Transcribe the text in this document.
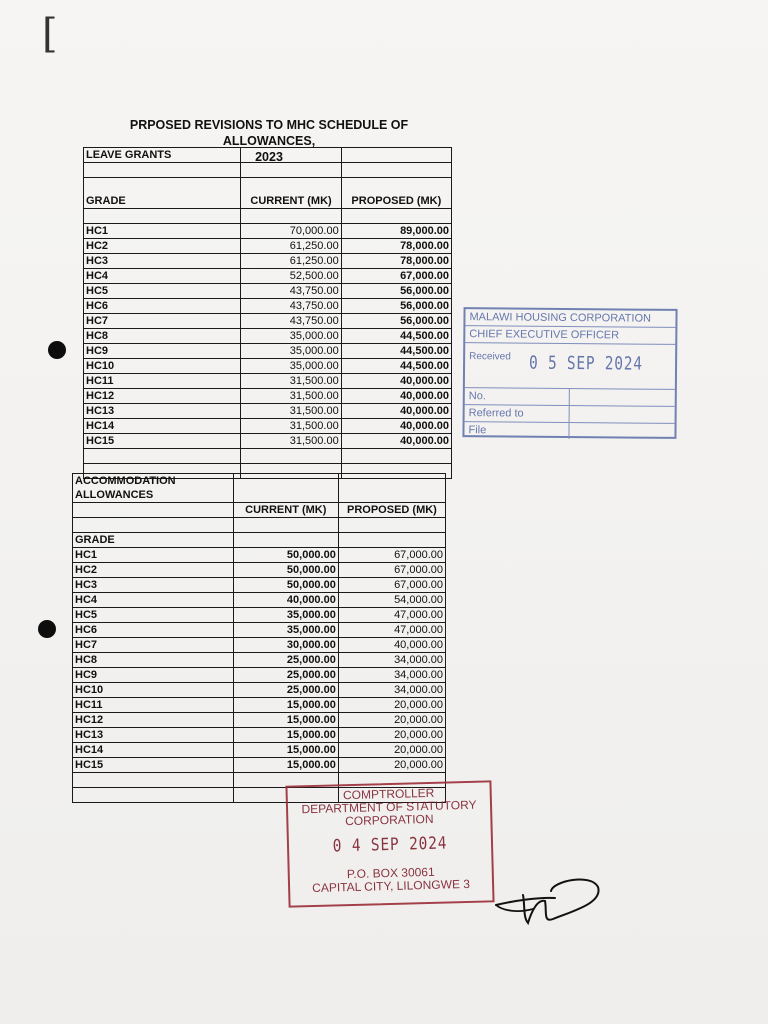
[
PRPOSED REVISIONS TO MHC SCHEDULE OF ALLOWANCES,
2023
LEAVE GRANTS		

GRADE	CURRENT (MK)	PROPOSED (MK)

HC1	70,000.00	89,000.00
HC2	61,250.00	78,000.00
HC3	61,250.00	78,000.00
HC4	52,500.00	67,000.00
HC5	43,750.00	56,000.00
HC6	43,750.00	56,000.00
HC7	43,750.00	56,000.00
HC8	35,000.00	44,500.00
HC9	35,000.00	44,500.00
HC10	35,000.00	44,500.00
HC11	31,500.00	40,000.00
HC12	31,500.00	40,000.00
HC13	31,500.00	40,000.00
HC14	31,500.00	40,000.00
HC15	31,500.00	40,000.00

ACCOMMODATION
ALLOWANCES		

	CURRENT (MK)	PROPOSED (MK)

GRADE		
HC1	50,000.00	67,000.00
HC2	50,000.00	67,000.00
HC3	50,000.00	67,000.00
HC4	40,000.00	54,000.00
HC5	35,000.00	47,000.00
HC6	35,000.00	47,000.00
HC7	30,000.00	40,000.00
HC8	25,000.00	34,000.00
HC9	25,000.00	34,000.00
HC10	25,000.00	34,000.00
HC11	15,000.00	20,000.00
HC12	15,000.00	20,000.00
HC13	15,000.00	20,000.00
HC14	15,000.00	20,000.00
HC15	15,000.00	20,000.00

MALAWI HOUSING CORPORATION
CHIEF EXECUTIVE OFFICER
Received 0 5 SEP 2024
No.
Referred to
File
COMPTROLLER
DEPARTMENT OF STATUTORY
CORPORATION
0 4 SEP 2024
P.O. BOX 30061
CAPITAL CITY, LILONGWE 3
